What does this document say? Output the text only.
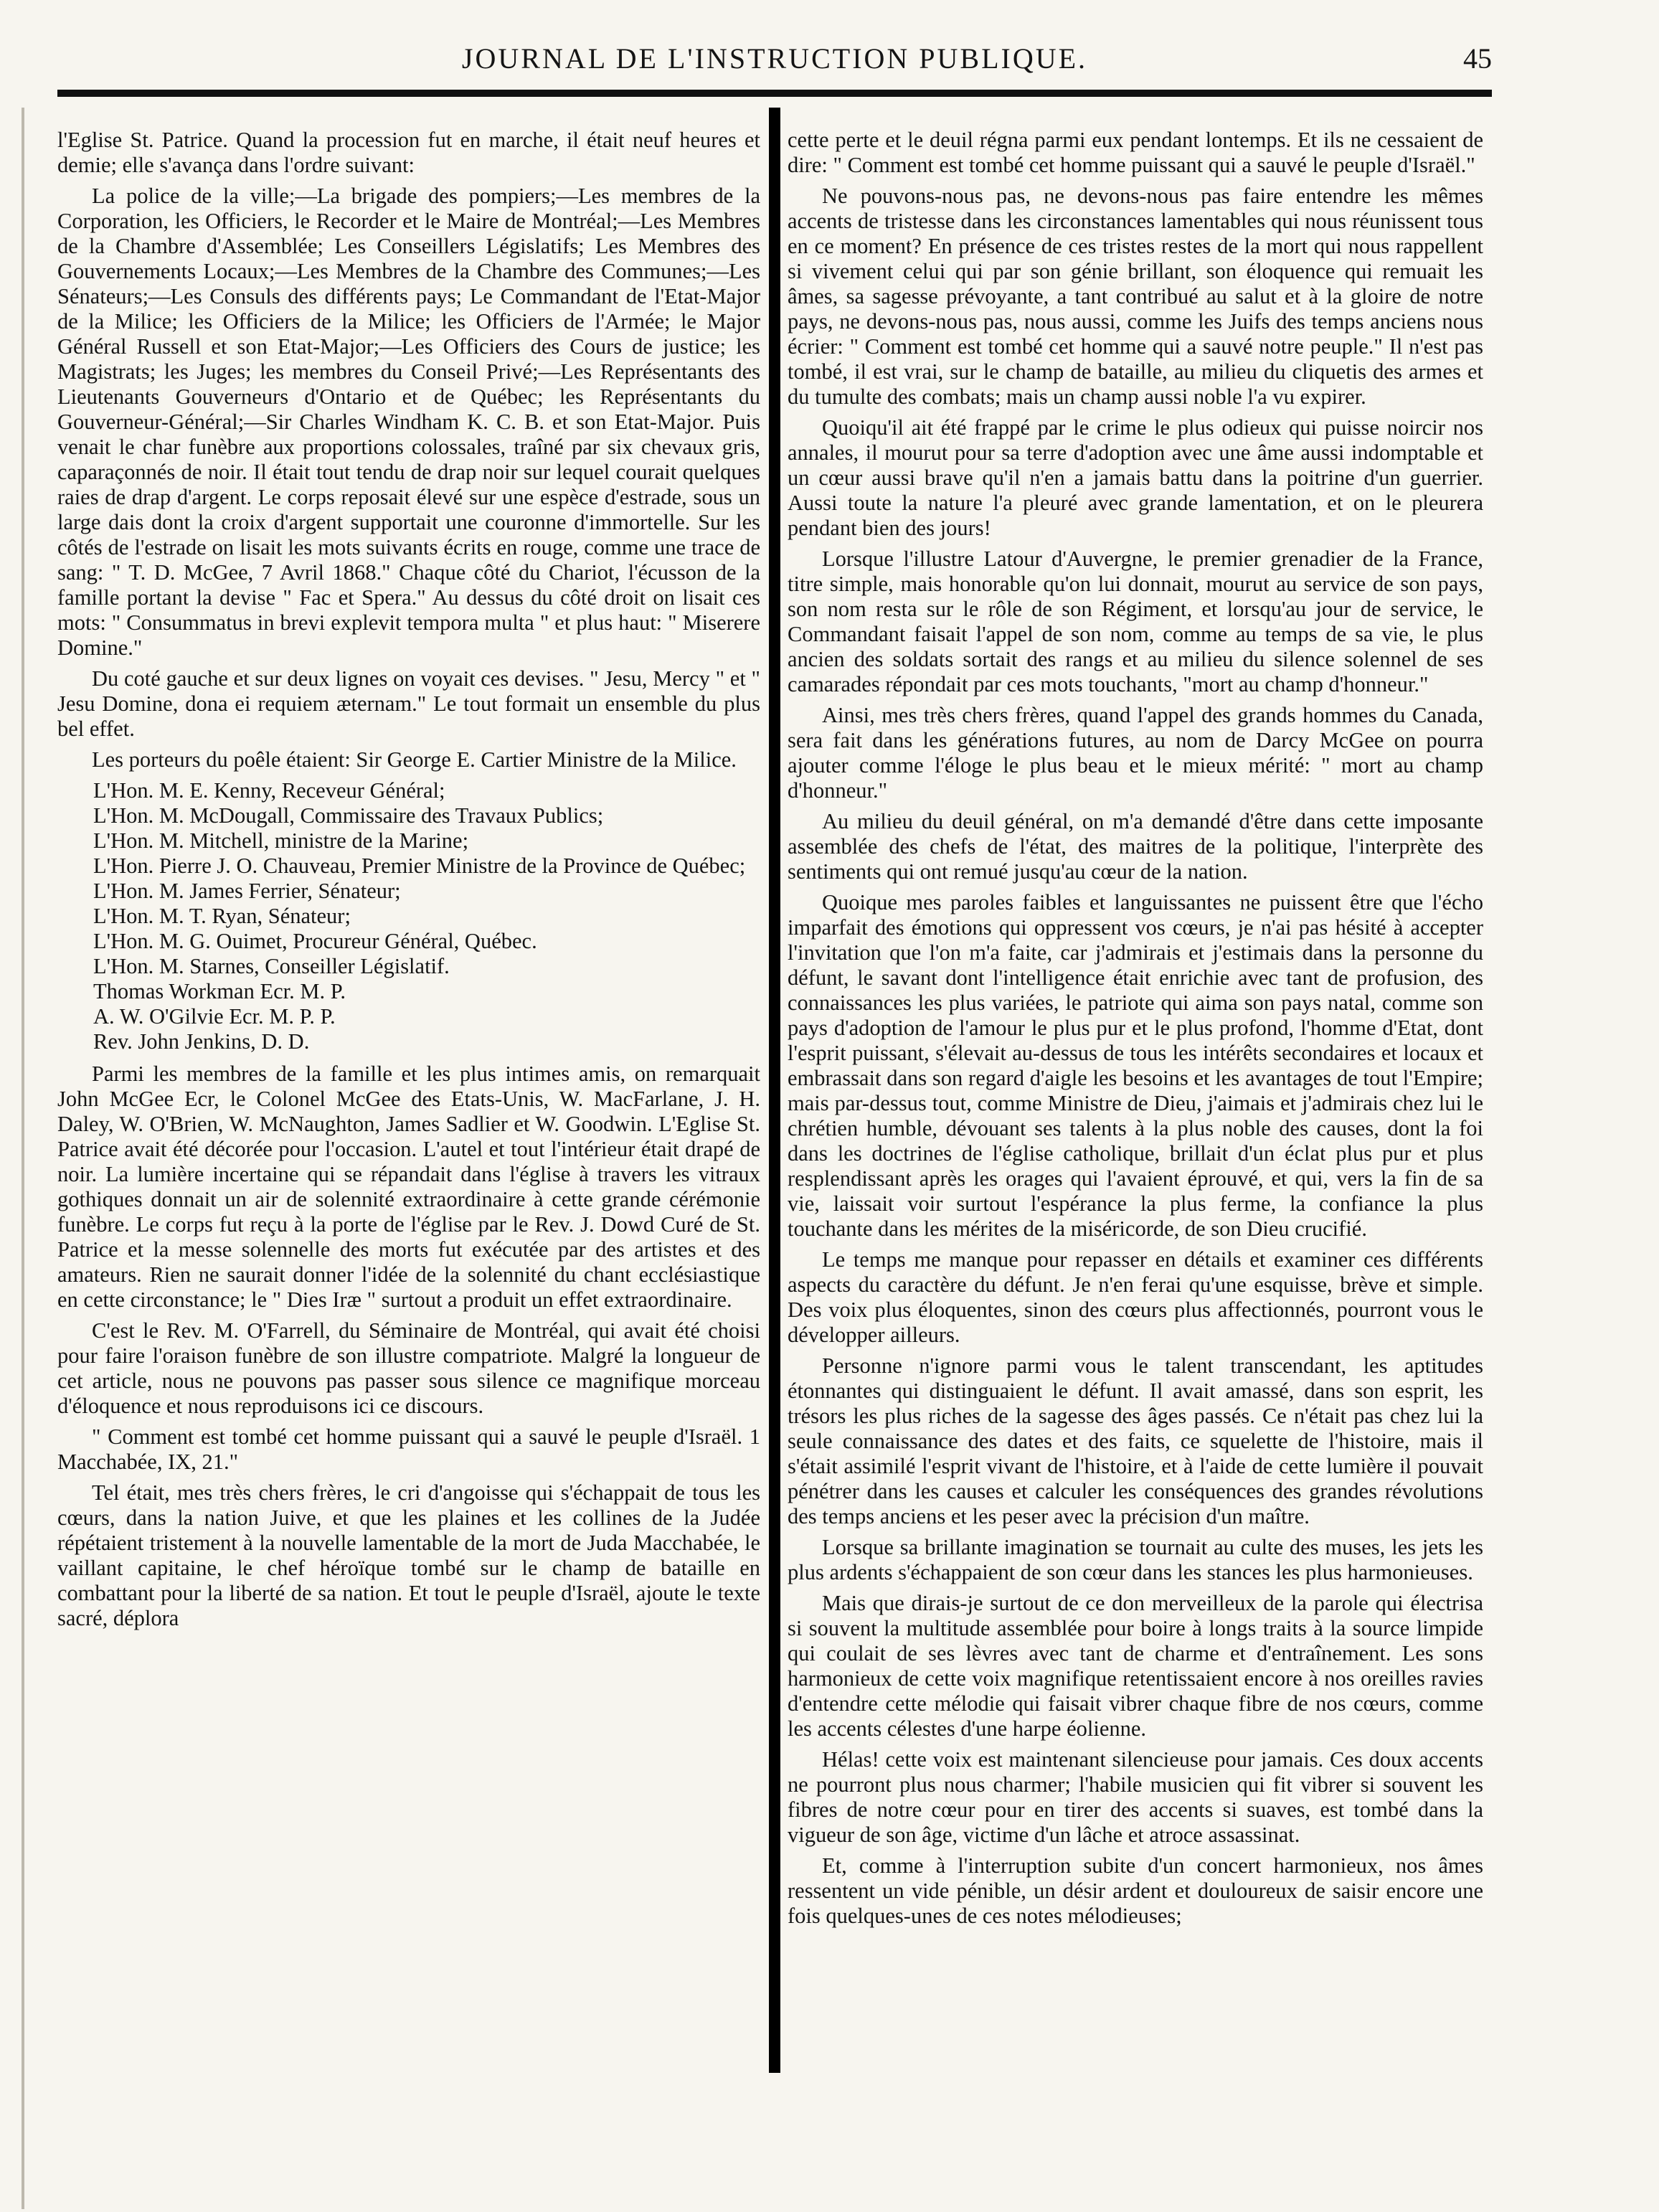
JOURNAL DE L'INSTRUCTION PUBLIQUE.	45

l'Eglise St. Patrice. Quand la procession fut en marche, il était neuf heures et demie; elle s'avança dans l'ordre suivant:

La police de la ville;—La brigade des pompiers;—Les membres de la Corporation, les Officiers, le Recorder et le Maire de Montréal;—Les Membres de la Chambre d'Assemblée; Les Conseillers Législatifs; Les Membres des Gouvernements Locaux;—Les Membres de la Chambre des Communes;—Les Sénateurs;—Les Consuls des différents pays; Le Commandant de l'Etat-Major de la Milice; les Officiers de la Milice; les Officiers de l'Armée; le Major Général Russell et son Etat-Major;—Les Officiers des Cours de justice; les Magistrats; les Juges; les membres du Conseil Privé;—Les Représentants des Lieutenants Gouverneurs d'Ontario et de Québec; les Représentants du Gouverneur-Général;—Sir Charles Windham K. C. B. et son Etat-Major. Puis venait le char funèbre aux proportions colossales, traîné par six chevaux gris, caparaçonnés de noir. Il était tout tendu de drap noir sur lequel courait quelques raies de drap d'argent. Le corps reposait élevé sur une espèce d'estrade, sous un large dais dont la croix d'argent supportait une couronne d'immortelle. Sur les côtés de l'estrade on lisait les mots suivants écrits en rouge, comme une trace de sang: " T. D. McGee, 7 Avril 1868." Chaque côté du Chariot, l'écusson de la famille portant la devise " Fac et Spera." Au dessus du côté droit on lisait ces mots: " Consummatus in brevi explevit tempora multa " et plus haut: " Miserere Domine."

Du coté gauche et sur deux lignes on voyait ces devises. " Jesu, Mercy " et " Jesu Domine, dona ei requiem æternam." Le tout formait un ensemble du plus bel effet.

Les porteurs du poêle étaient: Sir George E. Cartier Ministre de la Milice.

L'Hon. M. E. Kenny, Receveur Général;
L'Hon. M. McDougall, Commissaire des Travaux Publics;
L'Hon. M. Mitchell, ministre de la Marine;
L'Hon. Pierre J. O. Chauveau, Premier Ministre de la Province de Québec;
L'Hon. M. James Ferrier, Sénateur;
L'Hon. M. T. Ryan, Sénateur;
L'Hon. M. G. Ouimet, Procureur Général, Québec.
L'Hon. M. Starnes, Conseiller Législatif.
Thomas Workman Ecr. M. P.
A. W. O'Gilvie Ecr. M. P. P.
Rev. John Jenkins, D. D.

Parmi les membres de la famille et les plus intimes amis, on remarquait John McGee Ecr, le Colonel McGee des Etats-Unis, W. MacFarlane, J. H. Daley, W. O'Brien, W. McNaughton, James Sadlier et W. Goodwin. L'Eglise St. Patrice avait été décorée pour l'occasion. L'autel et tout l'intérieur était drapé de noir. La lumière incertaine qui se répandait dans l'église à travers les vitraux gothiques donnait un air de solennité extraordinaire à cette grande cérémonie funèbre. Le corps fut reçu à la porte de l'église par le Rev. J. Dowd Curé de St. Patrice et la messe solennelle des morts fut exécutée par des artistes et des amateurs. Rien ne saurait donner l'idée de la solennité du chant ecclésiastique en cette circonstance; le " Dies Iræ " surtout a produit un effet extraordinaire.

C'est le Rev. M. O'Farrell, du Séminaire de Montréal, qui avait été choisi pour faire l'oraison funèbre de son illustre compatriote. Malgré la longueur de cet article, nous ne pouvons pas passer sous silence ce magnifique morceau d'éloquence et nous reproduisons ici ce discours.

" Comment est tombé cet homme puissant qui a sauvé le peuple d'Israël. 1 Macchabée, IX, 21."

Tel était, mes très chers frères, le cri d'angoisse qui s'échappait de tous les cœurs, dans la nation Juive, et que les plaines et les collines de la Judée répétaient tristement à la nouvelle lamentable de la mort de Juda Macchabée, le vaillant capitaine, le chef héroïque tombé sur le champ de bataille en combattant pour la liberté de sa nation. Et tout le peuple d'Israël, ajoute le texte sacré, déplora

cette perte et le deuil régna parmi eux pendant lontemps. Et ils ne cessaient de dire: " Comment est tombé cet homme puissant qui a sauvé le peuple d'Israël."

Ne pouvons-nous pas, ne devons-nous pas faire entendre les mêmes accents de tristesse dans les circonstances lamentables qui nous réunissent tous en ce moment? En présence de ces tristes restes de la mort qui nous rappellent si vivement celui qui par son génie brillant, son éloquence qui remuait les âmes, sa sagesse prévoyante, a tant contribué au salut et à la gloire de notre pays, ne devons-nous pas, nous aussi, comme les Juifs des temps anciens nous écrier: " Comment est tombé cet homme qui a sauvé notre peuple." Il n'est pas tombé, il est vrai, sur le champ de bataille, au milieu du cliquetis des armes et du tumulte des combats; mais un champ aussi noble l'a vu expirer.

Quoiqu'il ait été frappé par le crime le plus odieux qui puisse noircir nos annales, il mourut pour sa terre d'adoption avec une âme aussi indomptable et un cœur aussi brave qu'il n'en a jamais battu dans la poitrine d'un guerrier. Aussi toute la nature l'a pleuré avec grande lamentation, et on le pleurera pendant bien des jours!

Lorsque l'illustre Latour d'Auvergne, le premier grenadier de la France, titre simple, mais honorable qu'on lui donnait, mourut au service de son pays, son nom resta sur le rôle de son Régiment, et lorsqu'au jour de service, le Commandant faisait l'appel de son nom, comme au temps de sa vie, le plus ancien des soldats sortait des rangs et au milieu du silence solennel de ses camarades répondait par ces mots touchants, "mort au champ d'honneur."

Ainsi, mes très chers frères, quand l'appel des grands hommes du Canada, sera fait dans les générations futures, au nom de Darcy McGee on pourra ajouter comme l'éloge le plus beau et le mieux mérité: " mort au champ d'honneur."

Au milieu du deuil général, on m'a demandé d'être dans cette imposante assemblée des chefs de l'état, des maitres de la politique, l'interprète des sentiments qui ont remué jusqu'au cœur de la nation.

Quoique mes paroles faibles et languissantes ne puissent être que l'écho imparfait des émotions qui oppressent vos cœurs, je n'ai pas hésité à accepter l'invitation que l'on m'a faite, car j'admirais et j'estimais dans la personne du défunt, le savant dont l'intelligence était enrichie avec tant de profusion, des connaissances les plus variées, le patriote qui aima son pays natal, comme son pays d'adoption de l'amour le plus pur et le plus profond, l'homme d'Etat, dont l'esprit puissant, s'élevait au-dessus de tous les intérêts secondaires et locaux et embrassait dans son regard d'aigle les besoins et les avantages de tout l'Empire; mais par-dessus tout, comme Ministre de Dieu, j'aimais et j'admirais chez lui le chrétien humble, dévouant ses talents à la plus noble des causes, dont la foi dans les doctrines de l'église catholique, brillait d'un éclat plus pur et plus resplendissant après les orages qui l'avaient éprouvé, et qui, vers la fin de sa vie, laissait voir surtout l'espérance la plus ferme, la confiance la plus touchante dans les mérites de la miséricorde, de son Dieu crucifié.

Le temps me manque pour repasser en détails et examiner ces différents aspects du caractère du défunt. Je n'en ferai qu'une esquisse, brève et simple. Des voix plus éloquentes, sinon des cœurs plus affectionnés, pourront vous le développer ailleurs.

Personne n'ignore parmi vous le talent transcendant, les aptitudes étonnantes qui distinguaient le défunt. Il avait amassé, dans son esprit, les trésors les plus riches de la sagesse des âges passés. Ce n'était pas chez lui la seule connaissance des dates et des faits, ce squelette de l'histoire, mais il s'était assimilé l'esprit vivant de l'histoire, et à l'aide de cette lumière il pouvait pénétrer dans les causes et calculer les conséquences des grandes révolutions des temps anciens et les peser avec la précision d'un maître.

Lorsque sa brillante imagination se tournait au culte des muses, les jets les plus ardents s'échappaient de son cœur dans les stances les plus harmonieuses.

Mais que dirais-je surtout de ce don merveilleux de la parole qui électrisa si souvent la multitude assemblée pour boire à longs traits à la source limpide qui coulait de ses lèvres avec tant de charme et d'entraînement. Les sons harmonieux de cette voix magnifique retentissaient encore à nos oreilles ravies d'entendre cette mélodie qui faisait vibrer chaque fibre de nos cœurs, comme les accents célestes d'une harpe éolienne.

Hélas! cette voix est maintenant silencieuse pour jamais. Ces doux accents ne pourront plus nous charmer; l'habile musicien qui fit vibrer si souvent les fibres de notre cœur pour en tirer des accents si suaves, est tombé dans la vigueur de son âge, victime d'un lâche et atroce assassinat.

Et, comme à l'interruption subite d'un concert harmonieux, nos âmes ressentent un vide pénible, un désir ardent et douloureux de saisir encore une fois quelques-unes de ces notes mélodieuses;
